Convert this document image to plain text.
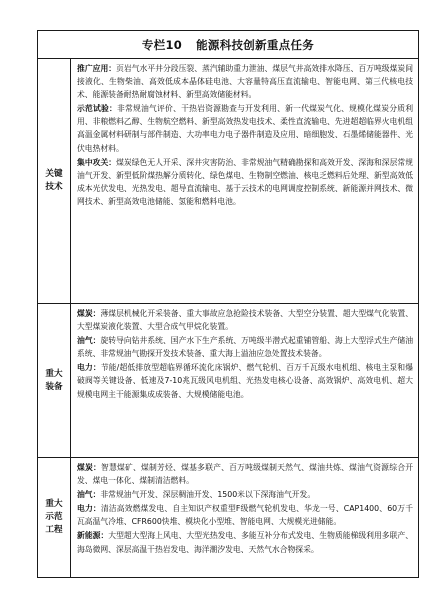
专栏10 能源科技创新重点任务
关键技术

推广应用：页岩气水平井分段压裂、蒸汽辅助重力泄油、煤层气井高效排水降压、百万吨级煤炭间接液化、生物柴油、高效低成本晶体硅电池、大容量特高压直流输电、智能电网、第三代核电技术、能源装备耐热耐腐蚀材料、新型高效储能材料。

示范试验：非常规油气评价、干热岩资源勘查与开发利用、新一代煤炭气化、规模化煤炭分质利用、非粮燃料乙醇、生物航空燃料、新型高效热发电技术、柔性直流输电、先进超超临界火电机组高温金属材料研制与部件制造、大功率电力电子器件制造及应用、暗细胞发、石墨烯储能器件、光伏电热材料。

集中攻关：煤炭绿色无人开采、深井灾害防治、非常规油气精确勘探和高效开发、深海和深层常规油气开发、新型低阶煤热解分质转化、绿色煤电、生物制空燃油、核电乏燃料后处理、新型高效低成本光伏发电、光热发电、超导直流输电、基于云技术的电网调度控制系统、新能源并网技术、微网技术、新型高效电池储能、氢能和燃料电池。

重大装备

煤炭：薄煤层机械化开采装备、重大事故应急抢险技术装备、大型空分装置、超大型煤气化装置、大型煤炭液化装置、大型合成气甲烷化装置。

油气：旋转导向钻井系统、国产水下生产系统、万吨级半潜式起重铺管船、海上大型浮式生产储油系统、非常规油气勘探开发技术装备、重大海上溢油应急处置技术装备。

电力：节能/超低排放型超临界循环流化床锅炉、燃气轮机、百万千瓦级水电机组、核电主泵和爆破阀等关键设备、低速及7-10兆瓦级风电机组、光热发电核心设备、高效锅炉、高效电机、超大规模电网主干能源集成成装备、大规模储能电池。

重大示范工程

煤炭：智慧煤矿、煤制芳烃、煤基多联产、百万吨级煤制天然气、煤油共炼、煤油气资源综合开发、煤电一体化、煤制清洁燃料。

油气：非常规油气开发、深层稠油开发、1500米以下深海油气开发。

电力：清洁高效燃煤发电、自主知识产权重型F级燃气轮机发电、华龙一号、CAP1400、60万千瓦高温气冷堆、CFR600快堆、模块化小型堆、智能电网、大规模光进储能。

新能源：大型超大型海上风电、大型光热发电、多能互补分布式发电、生物质能梯级利用多联产、海岛微网、深层高温干热岩发电、海洋潮汐发电、天然气水合物探采。
